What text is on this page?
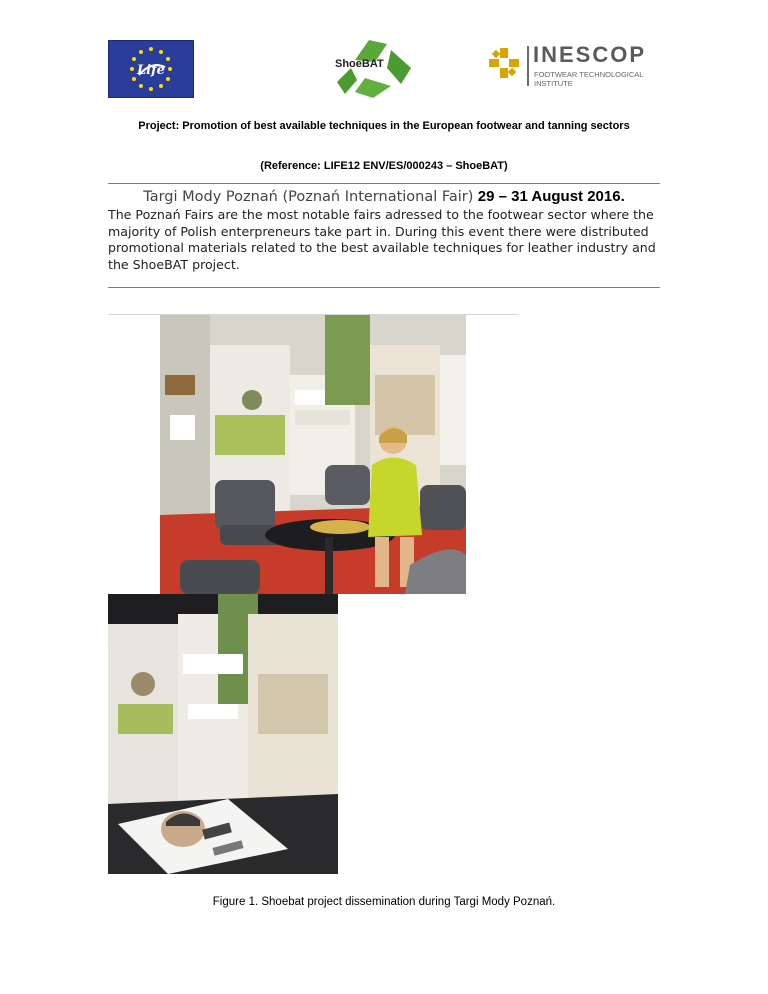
Life	ShoeBAT	INESCOP
FOOTWEAR TECHNOLOGICAL
INSTITUTE
Project: Promotion of best available techniques in the European footwear and tanning sectors
(Reference: LIFE12 ENV/ES/000243 – ShoeBAT)
Targi Mody Poznań (Poznań International Fair) 29 – 31 August 2016.
The Poznań Fairs are the most notable fairs adressed to the footwear sector where the majority of Polish enterpreneurs take part in. During this event there were distributed promotional materials related to the best available techniques for leather industry and the ShoeBAT project.
Figure 1. Shoebat project dissemination during Targi Mody Poznań.
